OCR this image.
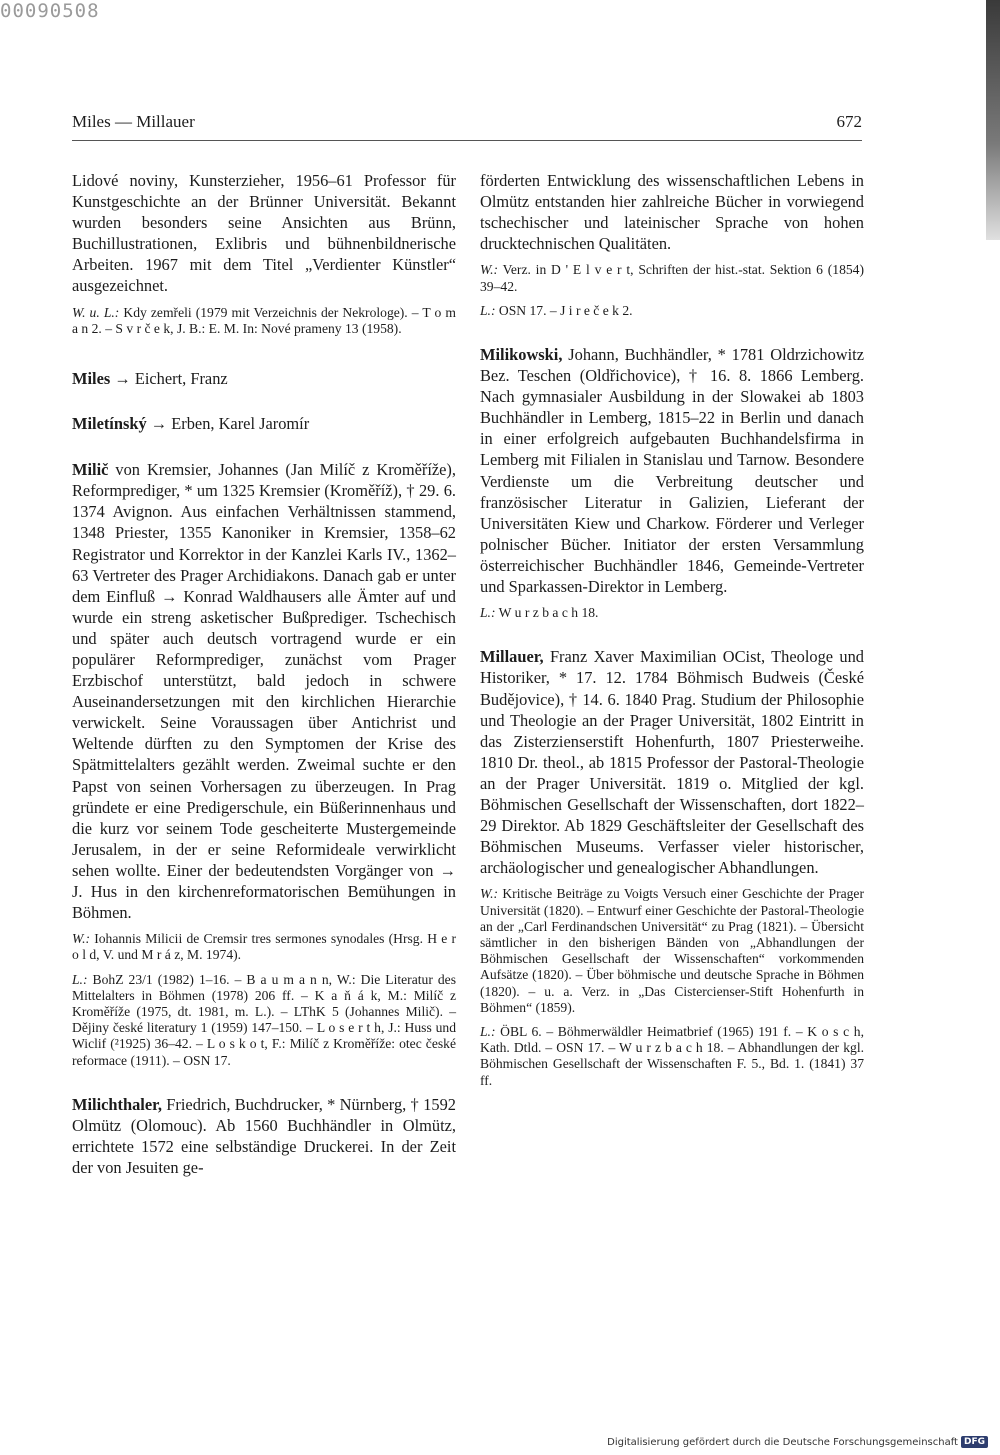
00090508
Miles — Millauer	672

Lidové noviny, Kunsterzieher, 1956–61 Professor für Kunstgeschichte an der Brünner Universität. Bekannt wurden besonders seine Ansichten aus Brünn, Buchillustrationen, Exlibris und bühnenbildnerische Arbeiten. 1967 mit dem Titel „Verdienter Künstler“ ausgezeichnet.

W. u. L.: Kdy zemřeli (1979 mit Verzeichnis der Nekrologe). – T o m a n 2. – S v r č e k, J. B.: E. M. In: Nové prameny 13 (1958).

Miles → Eichert, Franz

Miletínský → Erben, Karel Jaromír

Milič von Kremsier, Johannes (Jan Milíč z Kroměříže), Reformprediger, * um 1325 Kremsier (Kroměříž), † 29. 6. 1374 Avignon. Aus einfachen Verhältnissen stammend, 1348 Priester, 1355 Kanoniker in Kremsier, 1358–62 Registrator und Korrektor in der Kanzlei Karls IV., 1362–63 Vertreter des Prager Archidiakons. Danach gab er unter dem Einfluß → Konrad Waldhausers alle Ämter auf und wurde ein streng asketischer Bußprediger. Tschechisch und später auch deutsch vortragend wurde er ein populärer Reformprediger, zunächst vom Prager Erzbischof unterstützt, bald jedoch in schwere Auseinandersetzungen mit den kirchlichen Hierarchie verwickelt. Seine Voraussagen über Antichrist und Weltende dürften zu den Symptomen der Krise des Spätmittelalters gezählt werden. Zweimal suchte er den Papst von seinen Vorhersagen zu überzeugen. In Prag gründete er eine Predigerschule, ein Büßerinnenhaus und die kurz vor seinem Tode gescheiterte Mustergemeinde Jerusalem, in der er seine Reformideale verwirklicht sehen wollte. Einer der bedeutendsten Vorgänger von → J. Hus in den kirchenreformatorischen Bemühungen in Böhmen.

W.: Iohannis Milicii de Cremsir tres sermones synodales (Hrsg. H e r o l d, V. und M r á z, M. 1974).

L.: BohZ 23/1 (1982) 1–16. – B a u m a n n, W.: Die Literatur des Mittelalters in Böhmen (1978) 206 ff. – K a ň á k, M.: Milíč z Kroměříže (1975, dt. 1981, m. L.). – LThK 5 (Johannes Milič). – Dějiny české literatury 1 (1959) 147–150. – L o s e r t h, J.: Huss und Wiclif (²1925) 36–42. – L o s k o t, F.: Milíč z Kroměříže: otec české reformace (1911). – OSN 17.

Milichthaler, Friedrich, Buchdrucker, * Nürnberg, † 1592 Olmütz (Olomouc). Ab 1560 Buchhändler in Olmütz, errichtete 1572 eine selbständige Druckerei. In der Zeit der von Jesuiten ge-

förderten Entwicklung des wissenschaftlichen Lebens in Olmütz entstanden hier zahlreiche Bücher in vorwiegend tschechischer und lateinischer Sprache von hohen drucktechnischen Qualitäten.

W.: Verz. in D ' E l v e r t, Schriften der hist.-stat. Sektion 6 (1854) 39–42.

L.: OSN 17. – J i r e č e k 2.

Milikowski, Johann, Buchhändler, * 1781 Oldrzichowitz Bez. Teschen (Oldřichovice), † 16. 8. 1866 Lemberg. Nach gymnasialer Ausbildung in der Slowakei ab 1803 Buchhändler in Lemberg, 1815–22 in Berlin und danach in einer erfolgreich aufgebauten Buchhandelsfirma in Lemberg mit Filialen in Stanislau und Tarnow. Besondere Verdienste um die Verbreitung deutscher und französischer Literatur in Galizien, Lieferant der Universitäten Kiew und Charkow. Förderer und Verleger polnischer Bücher. Initiator der ersten Versammlung österreichischer Buchhändler 1846, Gemeinde-Vertreter und Sparkassen-Direktor in Lemberg.

L.: W u r z b a c h 18.

Millauer, Franz Xaver Maximilian OCist, Theologe und Historiker, * 17. 12. 1784 Böhmisch Budweis (České Budějovice), † 14. 6. 1840 Prag. Studium der Philosophie und Theologie an der Prager Universität, 1802 Eintritt in das Zisterzienserstift Hohenfurth, 1807 Priesterweihe. 1810 Dr. theol., ab 1815 Professor der Pastoral-Theologie an der Prager Universität. 1819 o. Mitglied der kgl. Böhmischen Gesellschaft der Wissenschaften, dort 1822–29 Direktor. Ab 1829 Geschäftsleiter der Gesellschaft des Böhmischen Museums. Verfasser vieler historischer, archäologischer und genealogischer Abhandlungen.

W.: Kritische Beiträge zu Voigts Versuch einer Geschichte der Prager Universität (1820). – Entwurf einer Geschichte der Pastoral-Theologie an der „Carl Ferdinandschen Universität“ zu Prag (1821). – Übersicht sämtlicher in den bisherigen Bänden von „Abhandlungen der Böhmischen Gesellschaft der Wissenschaften“ vorkommenden Aufsätze (1820). – Über böhmische und deutsche Sprache in Böhmen (1820). – u. a. Verz. in „Das Cistercienser-Stift Hohenfurth in Böhmen“ (1859).

L.: ÖBL 6. – Böhmerwäldler Heimatbrief (1965) 191 f. – K o s c h, Kath. Dtld. – OSN 17. – W u r z b a c h 18. – Abhandlungen der kgl. Böhmischen Gesellschaft der Wissenschaften F. 5., Bd. 1. (1841) 37 ff.

Digitalisierung gefördert durch die Deutsche Forschungsgemeinschaft DFG
